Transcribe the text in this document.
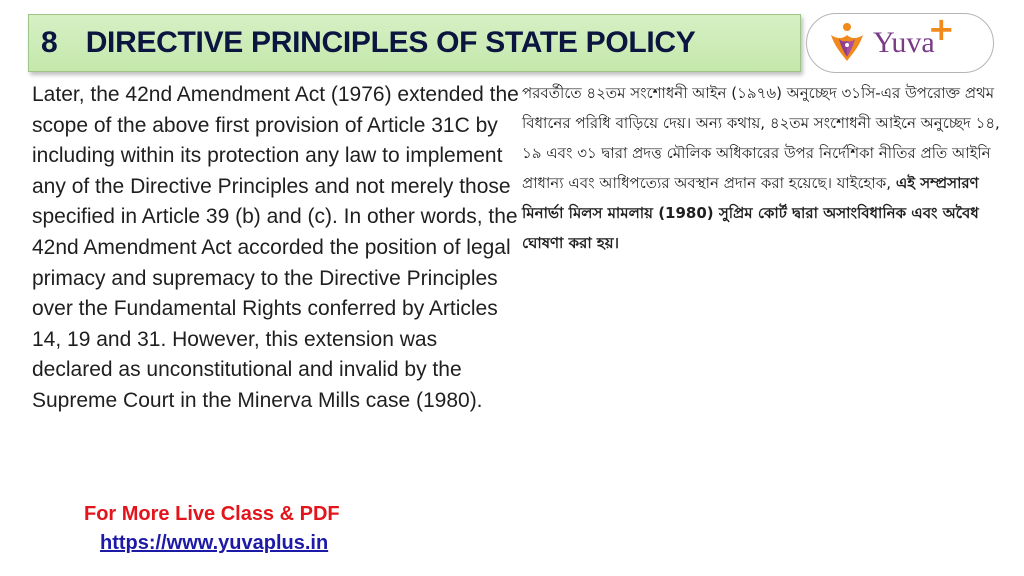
8 DIRECTIVE PRINCIPLES OF STATE POLICY	Yuva
+
Later, the 42nd Amendment Act (1976) extended the scope of the above first provision of Article 31C by including within its protection any law to implement any of the Directive Principles and not merely those specified in Article 39 (b) and (c). In other words, the 42nd Amendment Act accorded the position of legal primacy and supremacy to the Directive Principles over the Fundamental Rights conferred by Articles 14, 19 and 31. However, this extension was declared as unconstitutional and invalid by the Supreme Court in the Minerva Mills case (1980).
পরবর্তীতে ৪২তম সংশোধনী আইন (১৯৭৬) অনুচ্ছেদ ৩১সি-এর উপরোক্ত প্রথম বিধানের পরিধি বাড়িয়ে দেয়। অন্য কথায়, ৪২তম সংশোধনী আইনে অনুচ্ছেদ ১৪, ১৯ এবং ৩১ দ্বারা প্রদত্ত মৌলিক অধিকারের উপর নির্দেশিকা নীতির প্রতি আইনি প্রাধান্য এবং আধিপত্যের অবস্থান প্রদান করা হয়েছে। যাইহোক, এই সম্প্রসারণ মিনার্ভা মিলস মামলায় (1980) সুপ্রিম কোর্ট দ্বারা অসাংবিধানিক এবং অবৈধ ঘোষণা করা হয়।
For More Live Class & PDF
https://www.yuvaplus.in
